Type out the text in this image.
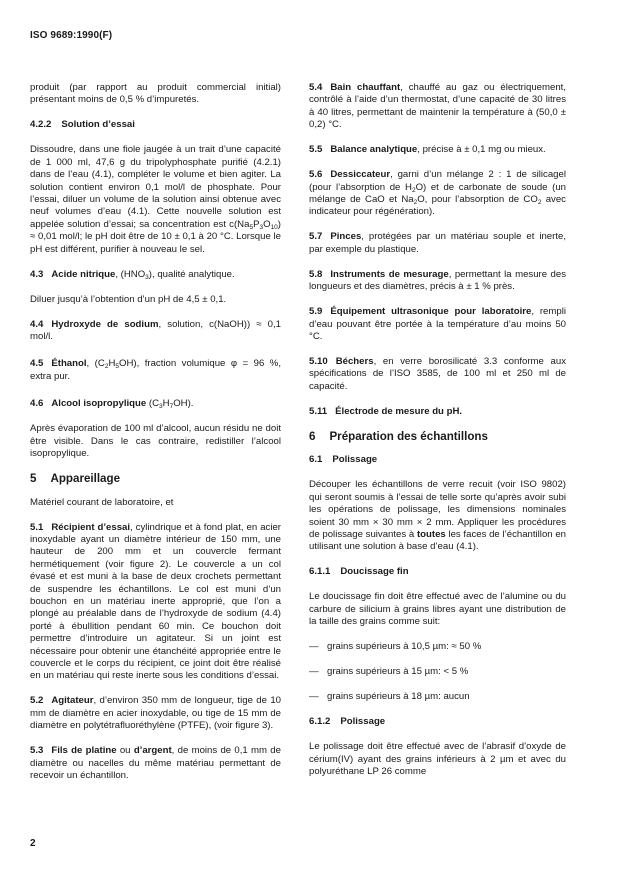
ISO 9689:1990(F)

produit (par rapport au produit commercial initial) présentant moins de 0,5 % d’impuretés.

4.2.2 Solution d’essai

Dissoudre, dans une fiole jaugée à un trait d’une capacité de 1 000 ml, 47,6 g du tripolyphosphate purifié (4.2.1) dans de l’eau (4.1), compléter le volume et bien agiter. La solution contient environ 0,1 mol/l de phosphate. Pour l’essai, diluer un volume de la solution ainsi obtenue avec neuf volumes d’eau (4.1). Cette nouvelle solution est appelée solution d’essai; sa concentration est $c(Na_5P_3O_{10}) \approx 0,01$ mol/l; le pH doit être de 10 ± 0,1 à 20 °C. Lorsque le pH est différent, purifier à nouveau le sel.

4.3 Acide nitrique, $(HNO_3)$, qualité analytique.

Diluer jusqu’à l’obtention d’un pH de 4,5 ± 0,1.

4.4 Hydroxyde de sodium, solution, c(NaOH)) ≈ 0,1 mol/l.

4.5 Éthanol, $(C_2H_5OH)$, fraction volumique φ = 96 %, extra pur.

4.6 Alcool isopropylique $(C_3H_7OH)$.

Après évaporation de 100 ml d’alcool, aucun résidu ne doit être visible. Dans le cas contraire, redistiller l’alcool isopropylique.

5 Appareillage

Matériel courant de laboratoire, et

5.1 Récipient d’essai, cylindrique et à fond plat, en acier inoxydable ayant un diamètre intérieur de 150 mm, une hauteur de 200 mm et un couvercle fermant hermétiquement (voir figure 2). Le couvercle a un col évasé et est muni à la base de deux crochets permettant de suspendre les échantillons. Le col est muni d’un bouchon en un matériau inerte approprié, que l’on a plongé au préalable dans de l’hydroxyde de sodium (4.4) porté à ébullition pendant 60 min. Ce bouchon doit permettre d’introduire un agitateur. Si un joint est nécessaire pour obtenir une étanchéité appropriée entre le couvercle et le corps du récipient, ce joint doit être réalisé en un matériau qui reste inerte sous les conditions d’essai.

5.2 Agitateur, d’environ 350 mm de longueur, tige de 10 mm de diamètre en acier inoxydable, ou tige de 15 mm de diamètre en polytétrafluoréthylène (PTFE), (voir figure 3).

5.3 Fils de platine ou d’argent, de moins de 0,1 mm de diamètre ou nacelles du même matériau permettant de recevoir un échantillon.

5.4 Bain chauffant, chauffé au gaz ou électriquement, contrôlé à l’aide d’un thermostat, d’une capacité de 30 litres à 40 litres, permettant de maintenir la température à (50,0 ± 0,2) °C.

5.5 Balance analytique, précise à ± 0,1 mg ou mieux.

5.6 Dessiccateur, garni d’un mélange 2 : 1 de silicagel (pour l’absorption de $H_2O$) et de carbonate de soude (un mélange de CaO et $Na_2O$, pour l’absorption de $CO_2$ avec indicateur pour régénération).

5.7 Pinces, protégées par un matériau souple et inerte, par exemple du plastique.

5.8 Instruments de mesurage, permettant la mesure des longueurs et des diamètres, précis à ± 1 % près.

5.9 Équipement ultrasonique pour laboratoire, rempli d’eau pouvant être portée à la température d’au moins 50 °C.

5.10 Béchers, en verre borosilicaté 3.3 conforme aux spécifications de l’ISO 3585, de 100 ml et 250 ml de capacité.

5.11 Électrode de mesure du pH.

6 Préparation des échantillons
6.1 Polissage

Découper les échantillons de verre recuit (voir ISO 9802) qui seront soumis à l’essai de telle sorte qu’après avoir subi les opérations de polissage, les dimensions nominales soient 30 mm × 30 mm × 2 mm. Appliquer les procédures de polissage suivantes à toutes les faces de l’échantillon en utilisant une solution à base d’eau (4.1).

6.1.1 Doucissage fin

Le doucissage fin doit être effectué avec de l’alumine ou du carbure de silicium à grains libres ayant une distribution de la taille des grains comme suit:

— grains supérieurs à 10,5 µm: ≈ 50 %
— grains supérieurs à 15 µm: < 5 %
— grains supérieurs à 18 µm: aucun
6.1.2 Polissage

Le polissage doit être effectué avec de l’abrasif d’oxyde de cérium(IV) ayant des grains inférieurs à 2 µm et avec du polyuréthane LP 26 comme

2
